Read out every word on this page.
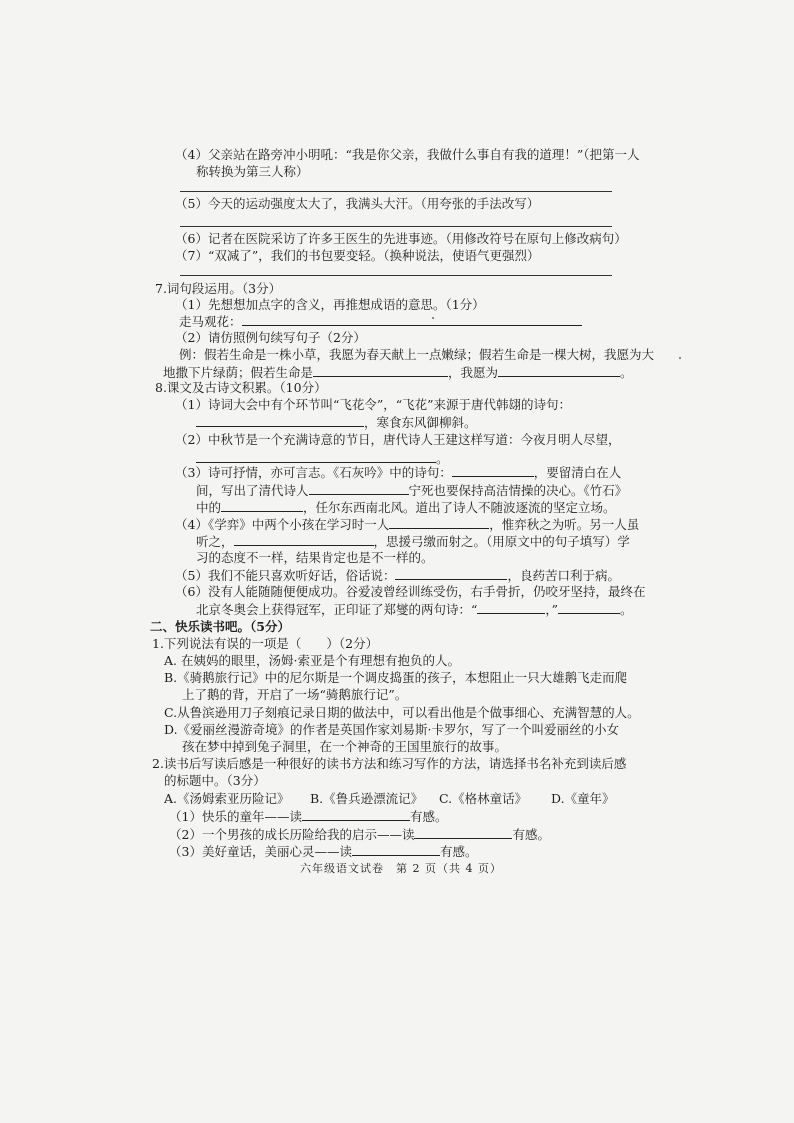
（4）父亲站在路旁冲小明吼：“我是你父亲，我做什么事自有我的道理！”（把第一人
称转换为第三人称）
（5）今天的运动强度太大了，我满头大汗。（用夸张的手法改写）
（6）记者在医院采访了许多王医生的先进事迹。（用修改符号在原句上修改病句）
（7）“双减了”，我们的书包要变轻。（换种说法，使语气更强烈）
7.词句段运用。（3分）
（1）先想想加点字的含义，再推想成语的意思。（1分）
走马观花：
（2）请仿照例句续写句子（2分）
例：假若生命是一株小草，我愿为春天献上一点嫩绿；假若生命是一棵大树，我愿为大
地撒下片绿荫；假若生命是	，我愿为	。
8.课文及古诗文积累。（10分）
（1）诗词大会中有个环节叫“飞花令”，“飞花”来源于唐代韩翃的诗句：
，寒食东风御柳斜。
（2）中秋节是一个充满诗意的节日，唐代诗人王建这样写道：今夜月明人尽望，
。
（3）诗可抒情，亦可言志。《石灰吟》中的诗句：	，要留清白在人
间，写出了清代诗人	宁死也要保持高洁情操的决心。《竹石》
中的	，任尔东西南北风。道出了诗人不随波逐流的坚定立场。
（4）《学弈》中两个小孩在学习时一人	，惟弈秋之为听。另一人虽
听之，	，思援弓缴而射之。（用原文中的句子填写）学
习的态度不一样，结果肯定也是不一样的。
（5）我们不能只喜欢听好话，俗话说：	，良药苦口利于病。
（6）没有人能随随便便成功。谷爱凌曾经训练受伤，右手骨折，仍咬牙坚持，最终在
北京冬奥会上获得冠军，正印证了郑燮的两句诗：“	，”	。
二、快乐读书吧。（5分）
1.下列说法有误的一项是（　　）（2分）
A. 在姨妈的眼里，汤姆·索亚是个有理想有抱负的人。
B.《骑鹅旅行记》中的尼尔斯是一个调皮捣蛋的孩子，本想阻止一只大雄鹅飞走而爬
上了鹅的背，开启了一场“骑鹅旅行记”。
C.从鲁滨逊用刀子刻痕记录日期的做法中，可以看出他是个做事细心、充满智慧的人。
D.《爱丽丝漫游奇境》的作者是英国作家刘易斯·卡罗尔，写了一个叫爱丽丝的小女
孩在梦中掉到兔子洞里，在一个神奇的王国里旅行的故事。
2.读书后写读后感是一种很好的读书方法和练习写作的方法，请选择书名补充到读后感
的标题中。（3分）
A.《汤姆索亚历险记》 B.《鲁兵逊漂流记》 C.《格林童话》 D.《童年》
（1）快乐的童年——读	有感。
（2）一个男孩的成长历险给我的启示——读	有感。
（3）美好童话，美丽心灵——读	有感。
六年级语文试卷　第 2 页（共 4 页）
